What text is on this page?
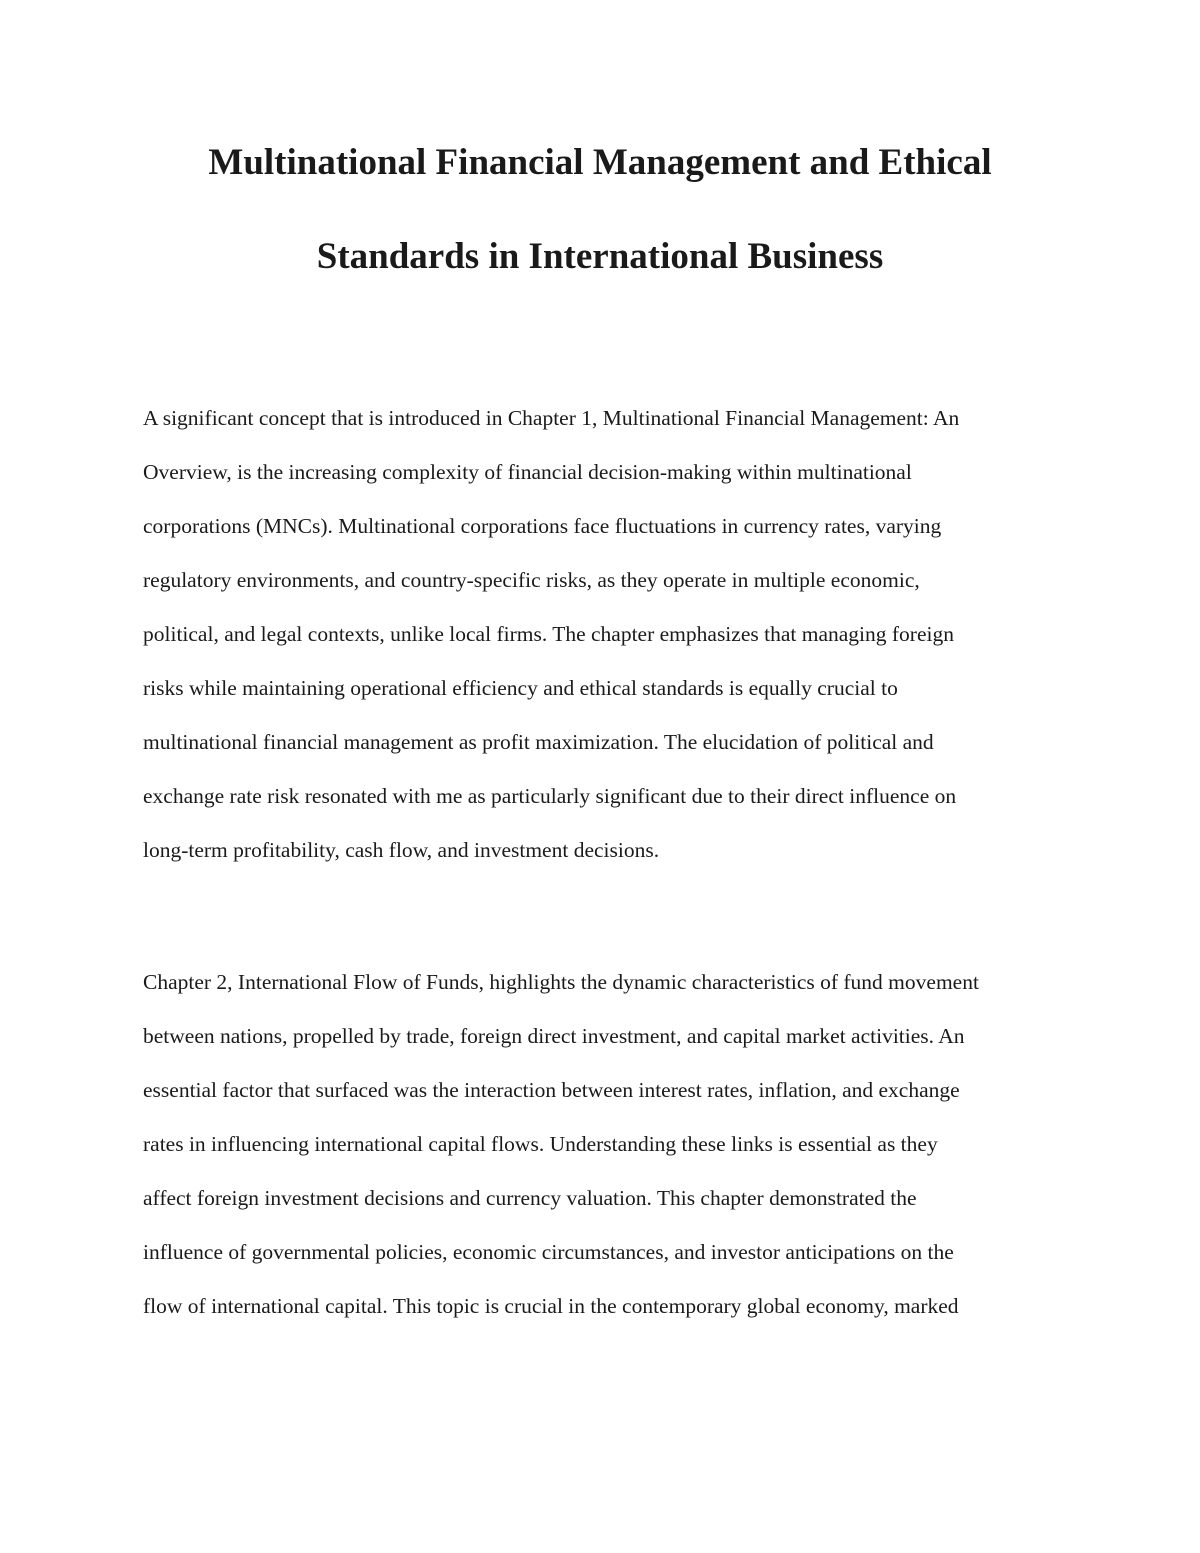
Multinational Financial Management and Ethical
Standards in International Business
A significant concept that is introduced in Chapter 1, Multinational Financial Management: An
Overview, is the increasing complexity of financial decision-making within multinational
corporations (MNCs). Multinational corporations face fluctuations in currency rates, varying
regulatory environments, and country-specific risks, as they operate in multiple economic,
political, and legal contexts, unlike local firms. The chapter emphasizes that managing foreign
risks while maintaining operational efficiency and ethical standards is equally crucial to
multinational financial management as profit maximization. The elucidation of political and
exchange rate risk resonated with me as particularly significant due to their direct influence on
long-term profitability, cash flow, and investment decisions.
Chapter 2, International Flow of Funds, highlights the dynamic characteristics of fund movement
between nations, propelled by trade, foreign direct investment, and capital market activities. An
essential factor that surfaced was the interaction between interest rates, inflation, and exchange
rates in influencing international capital flows. Understanding these links is essential as they
affect foreign investment decisions and currency valuation. This chapter demonstrated the
influence of governmental policies, economic circumstances, and investor anticipations on the
flow of international capital. This topic is crucial in the contemporary global economy, marked
